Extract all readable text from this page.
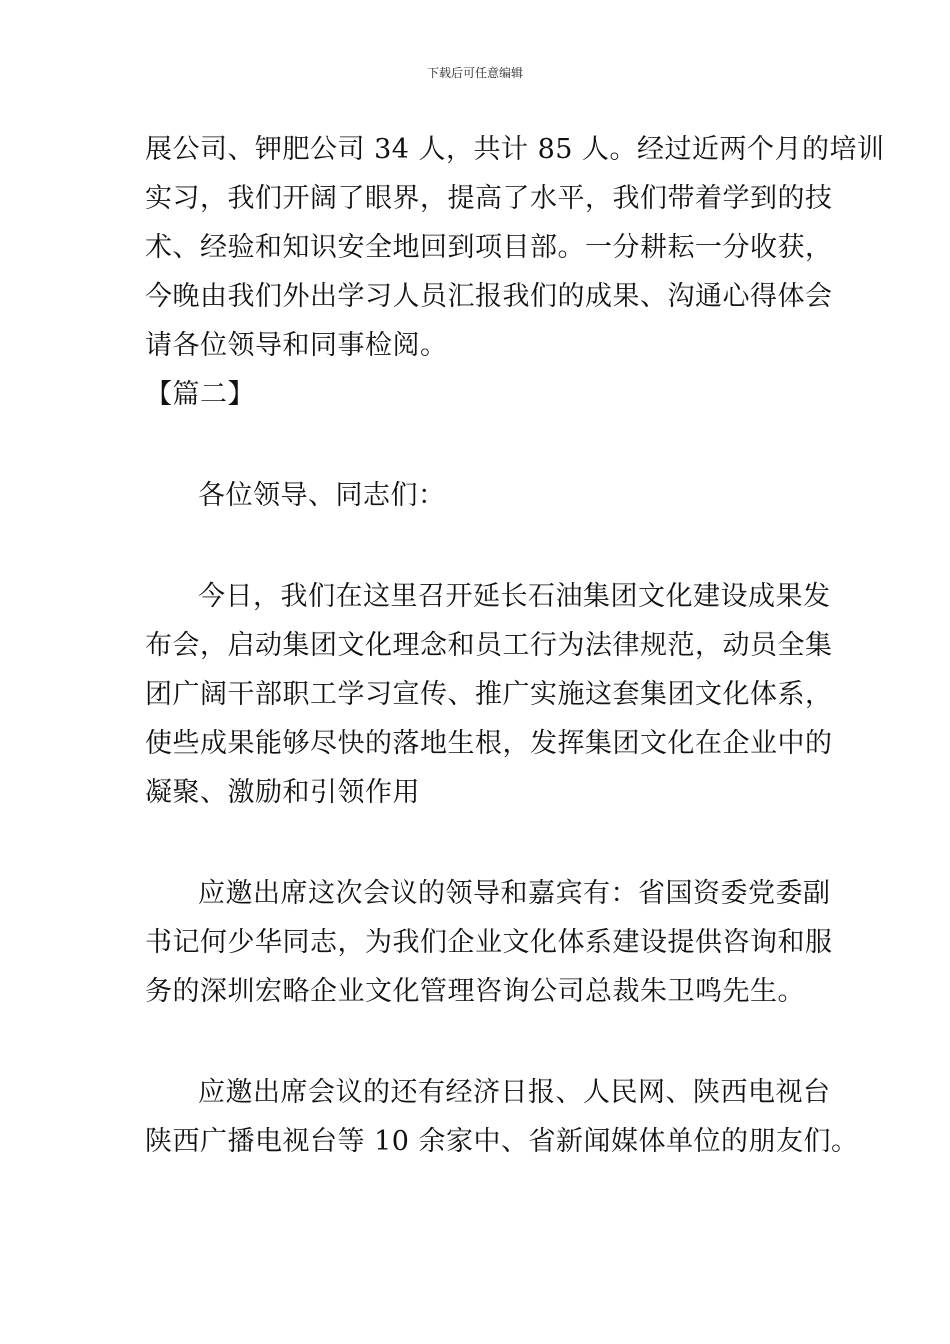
下载后可任意编辑
展公司、钾肥公司 34 人，共计 85 人。经过近两个月的培训
实习，我们开阔了眼界，提高了水平，我们带着学到的技
术、经验和知识安全地回到项目部。一分耕耘一分收获，
今晚由我们外出学习人员汇报我们的成果、沟通心得体会
请各位领导和同事检阅。
【篇二】
各位领导、同志们：
今日，我们在这里召开延长石油集团文化建设成果发
布会，启动集团文化理念和员工行为法律规范，动员全集
团广阔干部职工学习宣传、推广实施这套集团文化体系，
使些成果能够尽快的落地生根，发挥集团文化在企业中的
凝聚、激励和引领作用
应邀出席这次会议的领导和嘉宾有：省国资委党委副
书记何少华同志，为我们企业文化体系建设提供咨询和服
务的深圳宏略企业文化管理咨询公司总裁朱卫鸣先生。
应邀出席会议的还有经济日报、人民网、陕西电视台
陕西广播电视台等 10 余家中、省新闻媒体单位的朋友们。
